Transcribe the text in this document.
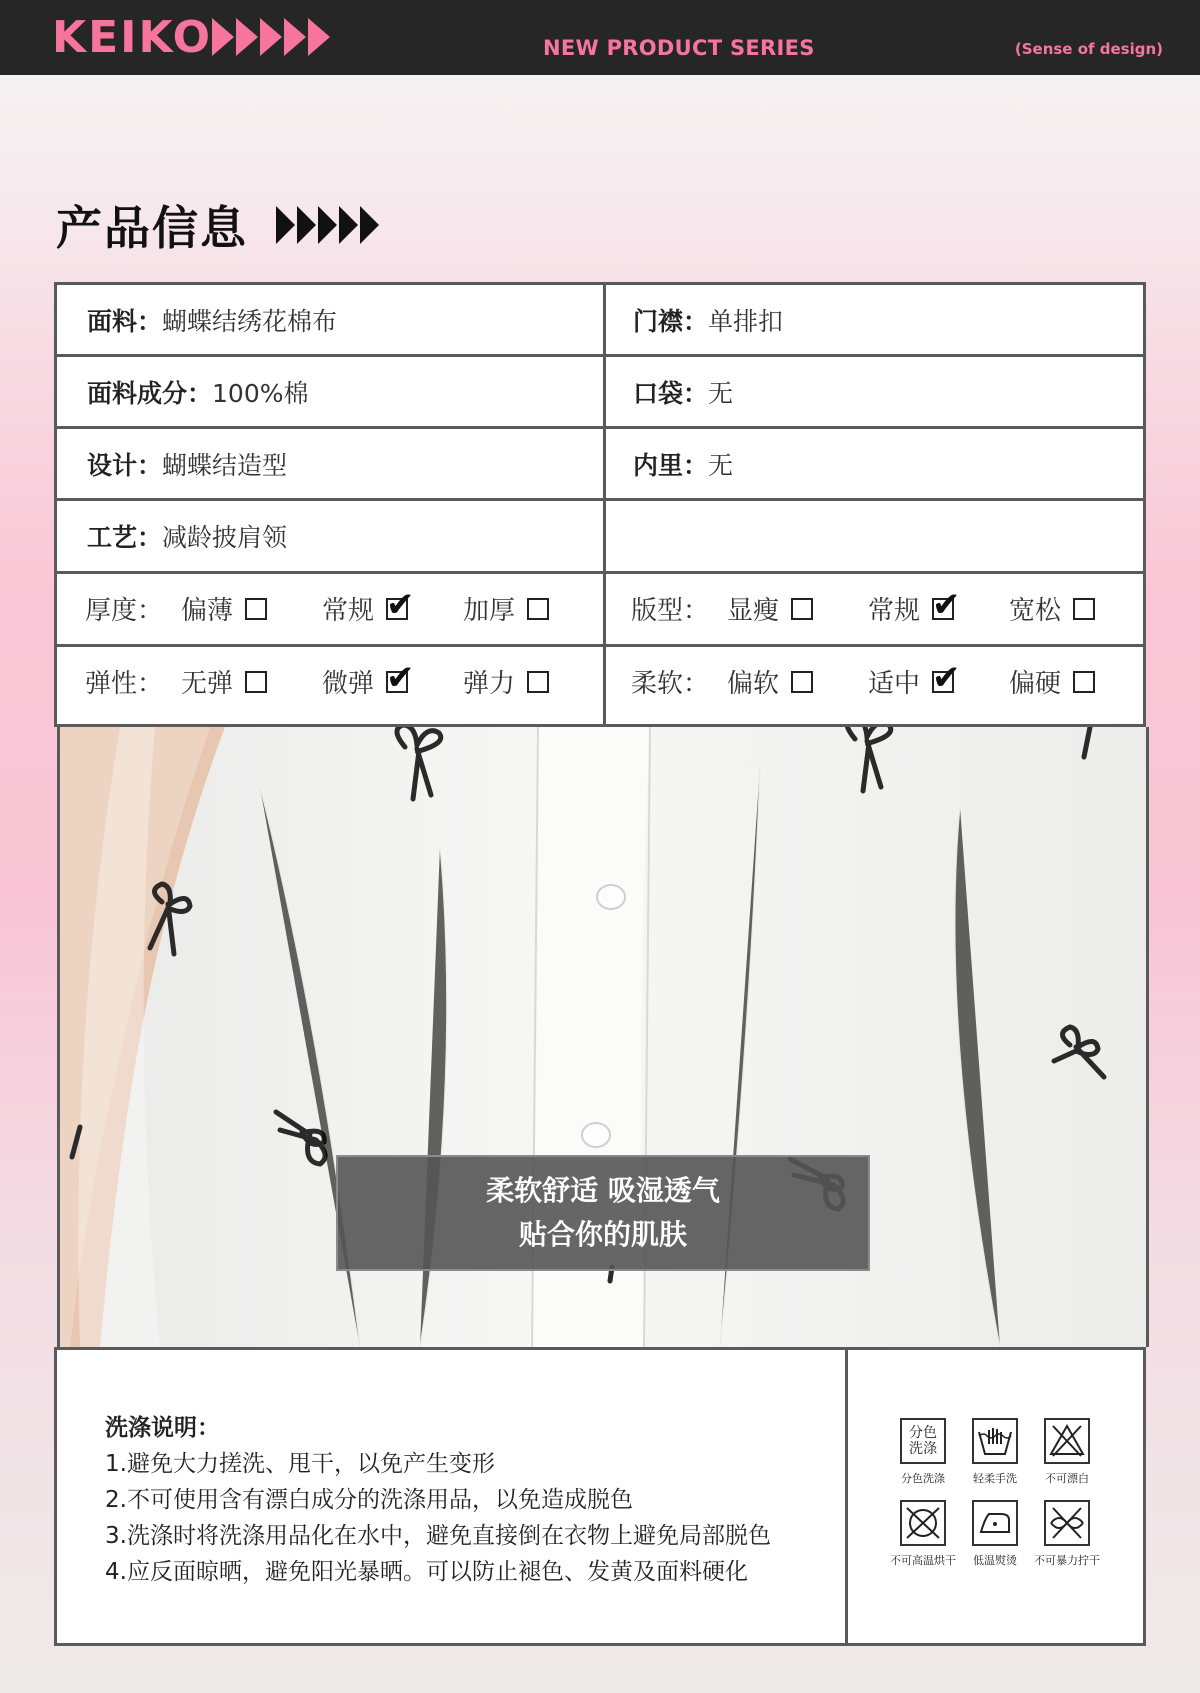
KEIKO	NEW PRODUCT SERIES	(Sense of design)
产品信息
面料： 蝴蝶结绣花棉布	门襟： 单排扣
面料成分： 100%棉	口袋： 无
设计： 蝴蝶结造型	内里： 无
工艺： 减龄披肩领
厚度： 偏薄	常规 ✔ 加厚	版型： 显瘦	常规 ✔ 宽松
弹性： 无弹	微弹 ✔ 弹力	柔软： 偏软	适中 ✔ 偏硬
柔软舒适 吸湿透气
贴合你的肌肤
洗涤说明：
1.避免大力搓洗、甩干，以免产生变形
2.不可使用含有漂白成分的洗涤用品，以免造成脱色
3.洗涤时将洗涤用品化在水中，避免直接倒在衣物上避免局部脱色
4.应反面晾晒，避免阳光暴晒。可以防止褪色、发黄及面料硬化
分色洗涤
分色洗涤	轻柔手洗	不可漂白
不可高温烘干	低温熨烫	不可暴力拧干
